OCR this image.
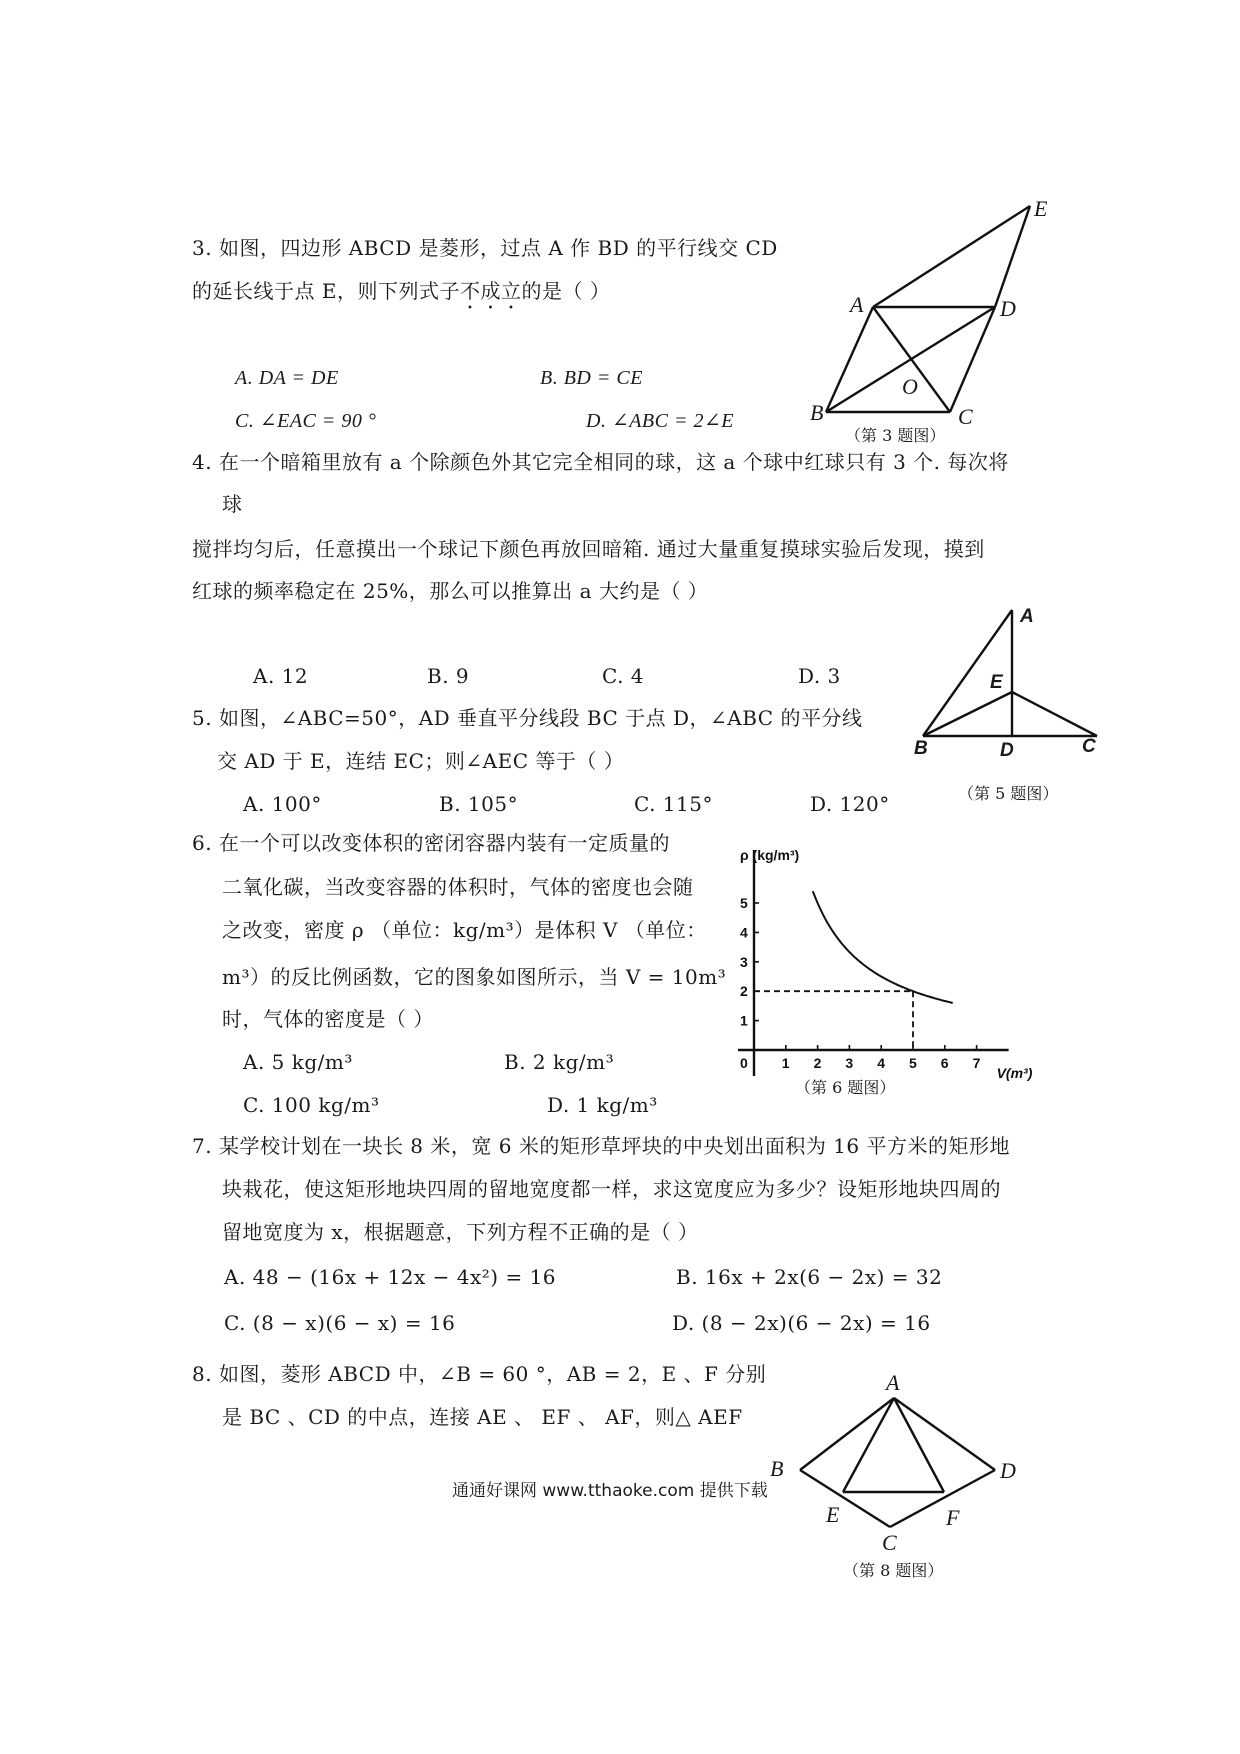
3. 如图，四边形 ABCD 是菱形，过点 A 作 BD 的平行线交 CD
的延长线于点 E，则下列式子不成立的是（ ）
A. DA = DE	B. BD = CE
C. ∠EAC = 90 °	D. ∠ABC = 2∠E
E
A	D
O
B	C
（第 3 题图）
4. 在一个暗箱里放有 a 个除颜色外其它完全相同的球，这 a 个球中红球只有 3 个. 每次将
球
搅拌均匀后，任意摸出一个球记下颜色再放回暗箱. 通过大量重复摸球实验后发现，摸到
红球的频率稳定在 25%，那么可以推算出 a 大约是（ ）
A. 12	B. 9	C. 4	D. 3
5. 如图，∠ABC=50°，AD 垂直平分线段 BC 于点 D，∠ABC 的平分线
交 AD 于 E，连结 EC；则∠AEC 等于（ ）
A. 100°	B. 105°	C. 115°	D. 120°
A
E
B	D	C
（第 5 题图）
6. 在一个可以改变体积的密闭容器内装有一定质量的
二氧化碳，当改变容器的体积时，气体的密度也会随
之改变，密度 ρ （单位：kg/m³）是体积 V （单位：
m³）的反比例函数，它的图象如图所示，当 V = 10m³
时，气体的密度是（ ）
A. 5 kg/m³	B. 2 kg/m³
C. 100 kg/m³	D. 1 kg/m³
0 1 2 3 4 5 6 7
1
2
3
4
5
ρ (kg/m³)
V(m³)
（第 6 题图）
7. 某学校计划在一块长 8 米，宽 6 米的矩形草坪块的中央划出面积为 16 平方米的矩形地
块栽花，使这矩形地块四周的留地宽度都一样，求这宽度应为多少？设矩形地块四周的
留地宽度为 x，根据题意，下列方程不正确的是（ ）
A. 48 − (16x + 12x − 4x²) = 16	B. 16x + 2x(6 − 2x) = 32
C. (8 − x)(6 − x) = 16	D. (8 − 2x)(6 − 2x) = 16
8. 如图，菱形 ABCD 中，∠B = 60 °，AB = 2，E 、F 分别
是 BC 、CD 的中点，连接 AE 、 EF 、 AF，则△ AEF
A
B	D
E	F
C
（第 8 题图）
通通好课网 www.tthaoke.com 提供下载
